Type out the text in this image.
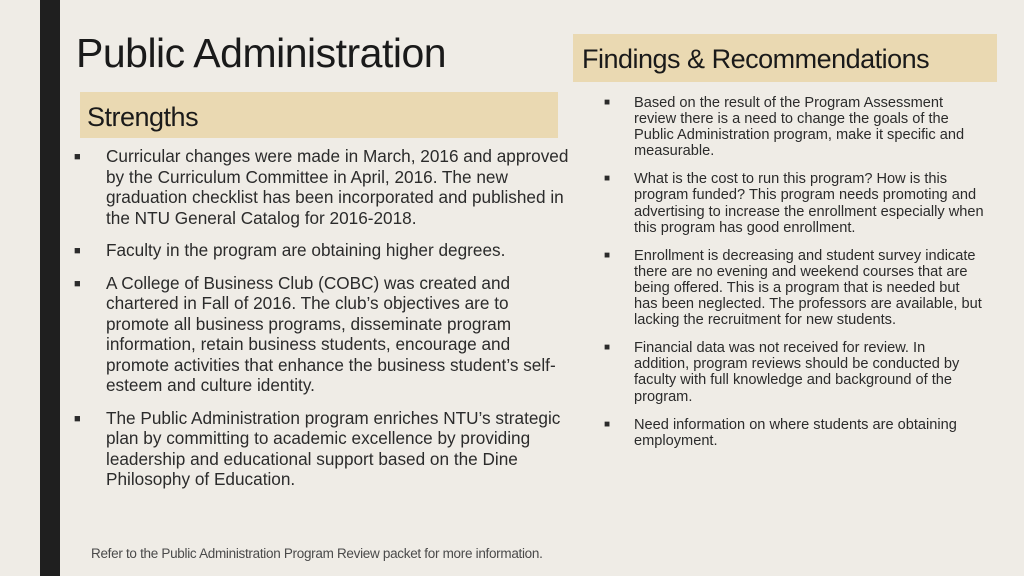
Public Administration
Strengths
■ Curricular changes were made in March, 2016 and approved by the Curriculum Committee in April, 2016. The new graduation checklist has been incorporated and published in the NTU General Catalog for 2016-2018.
■ Faculty in the program are obtaining higher degrees.
■ A College of Business Club (COBC) was created and chartered in Fall of 2016. The club’s objectives are to promote all business programs, disseminate program information, retain business students, encourage and promote activities that enhance the business student’s self-esteem and culture identity.
■ The Public Administration program enriches NTU’s strategic plan by committing to academic excellence by providing leadership and educational support based on the Dine Philosophy of Education.
Findings & Recommendations
■ Based on the result of the Program Assessment review there is a need to change the goals of the Public Administration program, make it specific and measurable.
■ What is the cost to run this program? How is this program funded? This program needs promoting and advertising to increase the enrollment especially when this program has good enrollment.
■ Enrollment is decreasing and student survey indicate there are no evening and weekend courses that are being offered. This is a program that is needed but has been neglected. The professors are available, but lacking the recruitment for new students.
■ Financial data was not received for review. In addition, program reviews should be conducted by faculty with full knowledge and background of the program.
■ Need information on where students are obtaining employment.
Refer to the Public Administration Program Review packet for more information.
